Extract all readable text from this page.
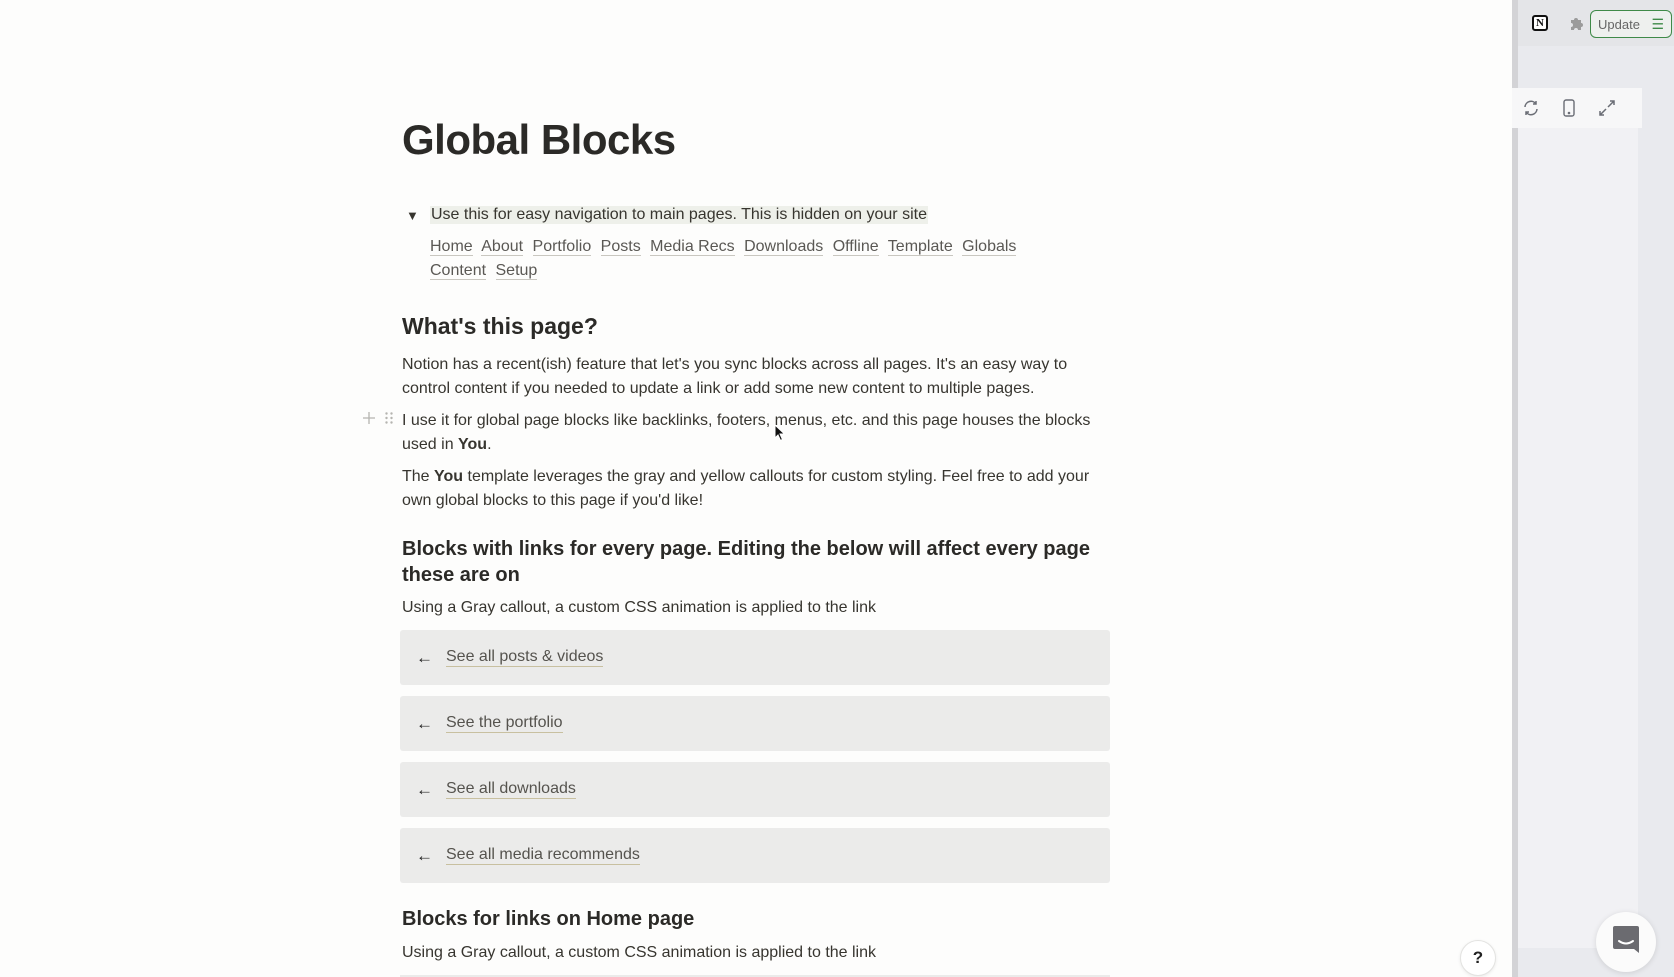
Global Blocks
▼ Use this for easy navigation to main pages. This is hidden on your site
Home About Portfolio Posts Media Recs Downloads Offline Template Globals Content Setup
What's this page?
Notion has a recent(ish) feature that let's you sync blocks across all pages. It's an easy way to control content if you needed to update a link or add some new content to multiple pages.
I use it for global page blocks like backlinks, footers, menus, etc. and this page houses the blocks used in You.
The You template leverages the gray and yellow callouts for custom styling. Feel free to add your own global blocks to this page if you'd like!
Blocks with links for every page. Editing the below will affect every page these are on
Using a Gray callout, a custom CSS animation is applied to the link
← See all posts & videos
← See the portfolio
← See all downloads
← See all media recommends
Blocks for links on Home page
Using a Gray callout, a custom CSS animation is applied to the link	?
N	Update ☰
